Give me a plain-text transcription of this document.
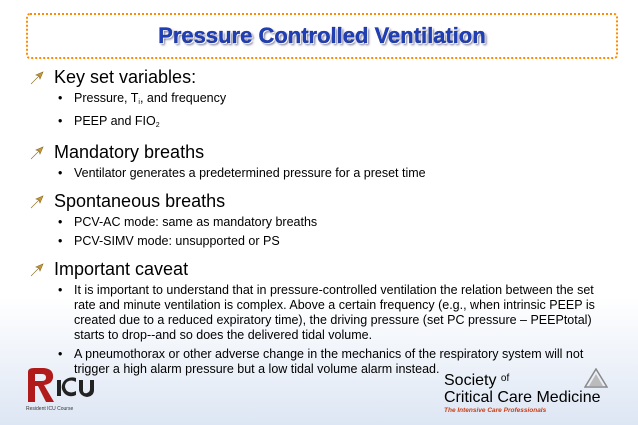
Pressure Controlled Ventilation
Key set variables:
• Pressure, $T_i$, and frequency
• PEEP and $FIO_2$
Mandatory breaths
• Ventilator generates a predetermined pressure for a preset time
Spontaneous breaths
• PCV-AC mode: same as mandatory breaths
• PCV-SIMV mode: unsupported or PS
Important caveat
• It is important to understand that in pressure-controlled ventilation the relation between the set rate and minute ventilation is complex. Above a certain frequency (e.g., when intrinsic PEEP is created due to a reduced expiratory time), the driving pressure (set PC pressure – PEEPtotal) starts to drop--and so does the delivered tidal volume.
• A pneumothorax or other adverse change in the mechanics of the respiratory system will not trigger a high alarm pressure but a low tidal volume alarm instead.
Resident ICU Course
Society $^{of}$
Critical Care Medicine
The Intensive Care Professionals
